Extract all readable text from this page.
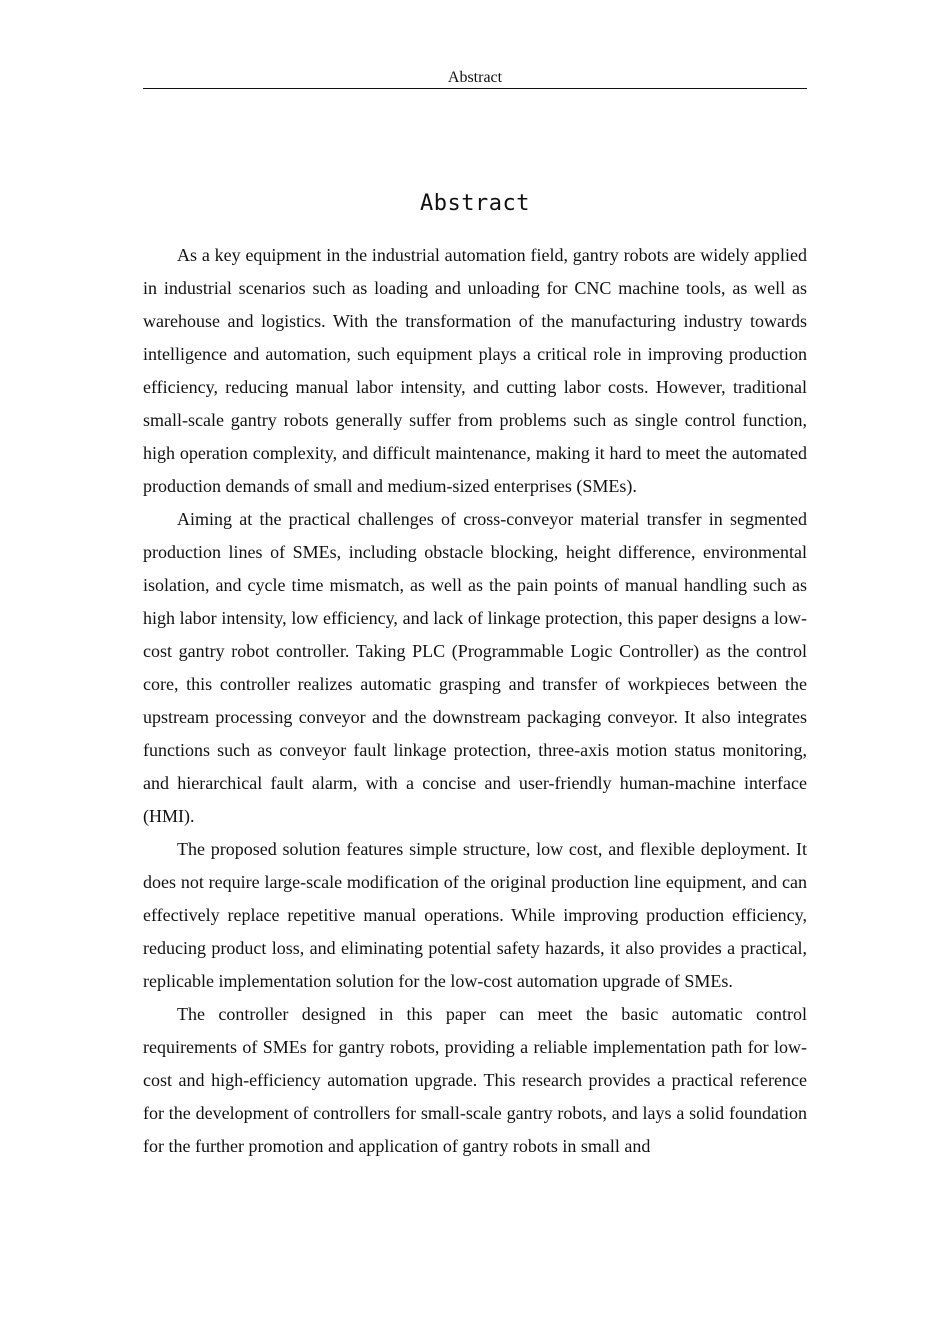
Abstract
Abstract

As a key equipment in the industrial automation field, gantry robots are widely applied in industrial scenarios such as loading and unloading for CNC machine tools, as well as warehouse and logistics. With the transformation of the manufacturing industry towards intelligence and automation, such equipment plays a critical role in improving production efficiency, reducing manual labor intensity, and cutting labor costs. However, traditional small-scale gantry robots generally suffer from problems such as single control function, high operation complexity, and difficult maintenance, making it hard to meet the automated production demands of small and medium-sized enterprises (SMEs).

Aiming at the practical challenges of cross-conveyor material transfer in segmented production lines of SMEs, including obstacle blocking, height difference, environmental isolation, and cycle time mismatch, as well as the pain points of manual handling such as high labor intensity, low efficiency, and lack of linkage protection, this paper designs a low-cost gantry robot controller. Taking PLC (Programmable Logic Controller) as the control core, this controller realizes automatic grasping and transfer of workpieces between the upstream processing conveyor and the downstream packaging conveyor. It also integrates functions such as conveyor fault linkage protection, three-axis motion status monitoring, and hierarchical fault alarm, with a concise and user-friendly human-machine interface (HMI).

The proposed solution features simple structure, low cost, and flexible deployment. It does not require large-scale modification of the original production line equipment, and can effectively replace repetitive manual operations. While improving production efficiency, reducing product loss, and eliminating potential safety hazards, it also provides a practical, replicable implementation solution for the low-cost automation upgrade of SMEs.

The controller designed in this paper can meet the basic automatic control requirements of SMEs for gantry robots, providing a reliable implementation path for low-cost and high-efficiency automation upgrade. This research provides a practical reference for the development of controllers for small-scale gantry robots, and lays a solid foundation for the further promotion and application of gantry robots in small and
